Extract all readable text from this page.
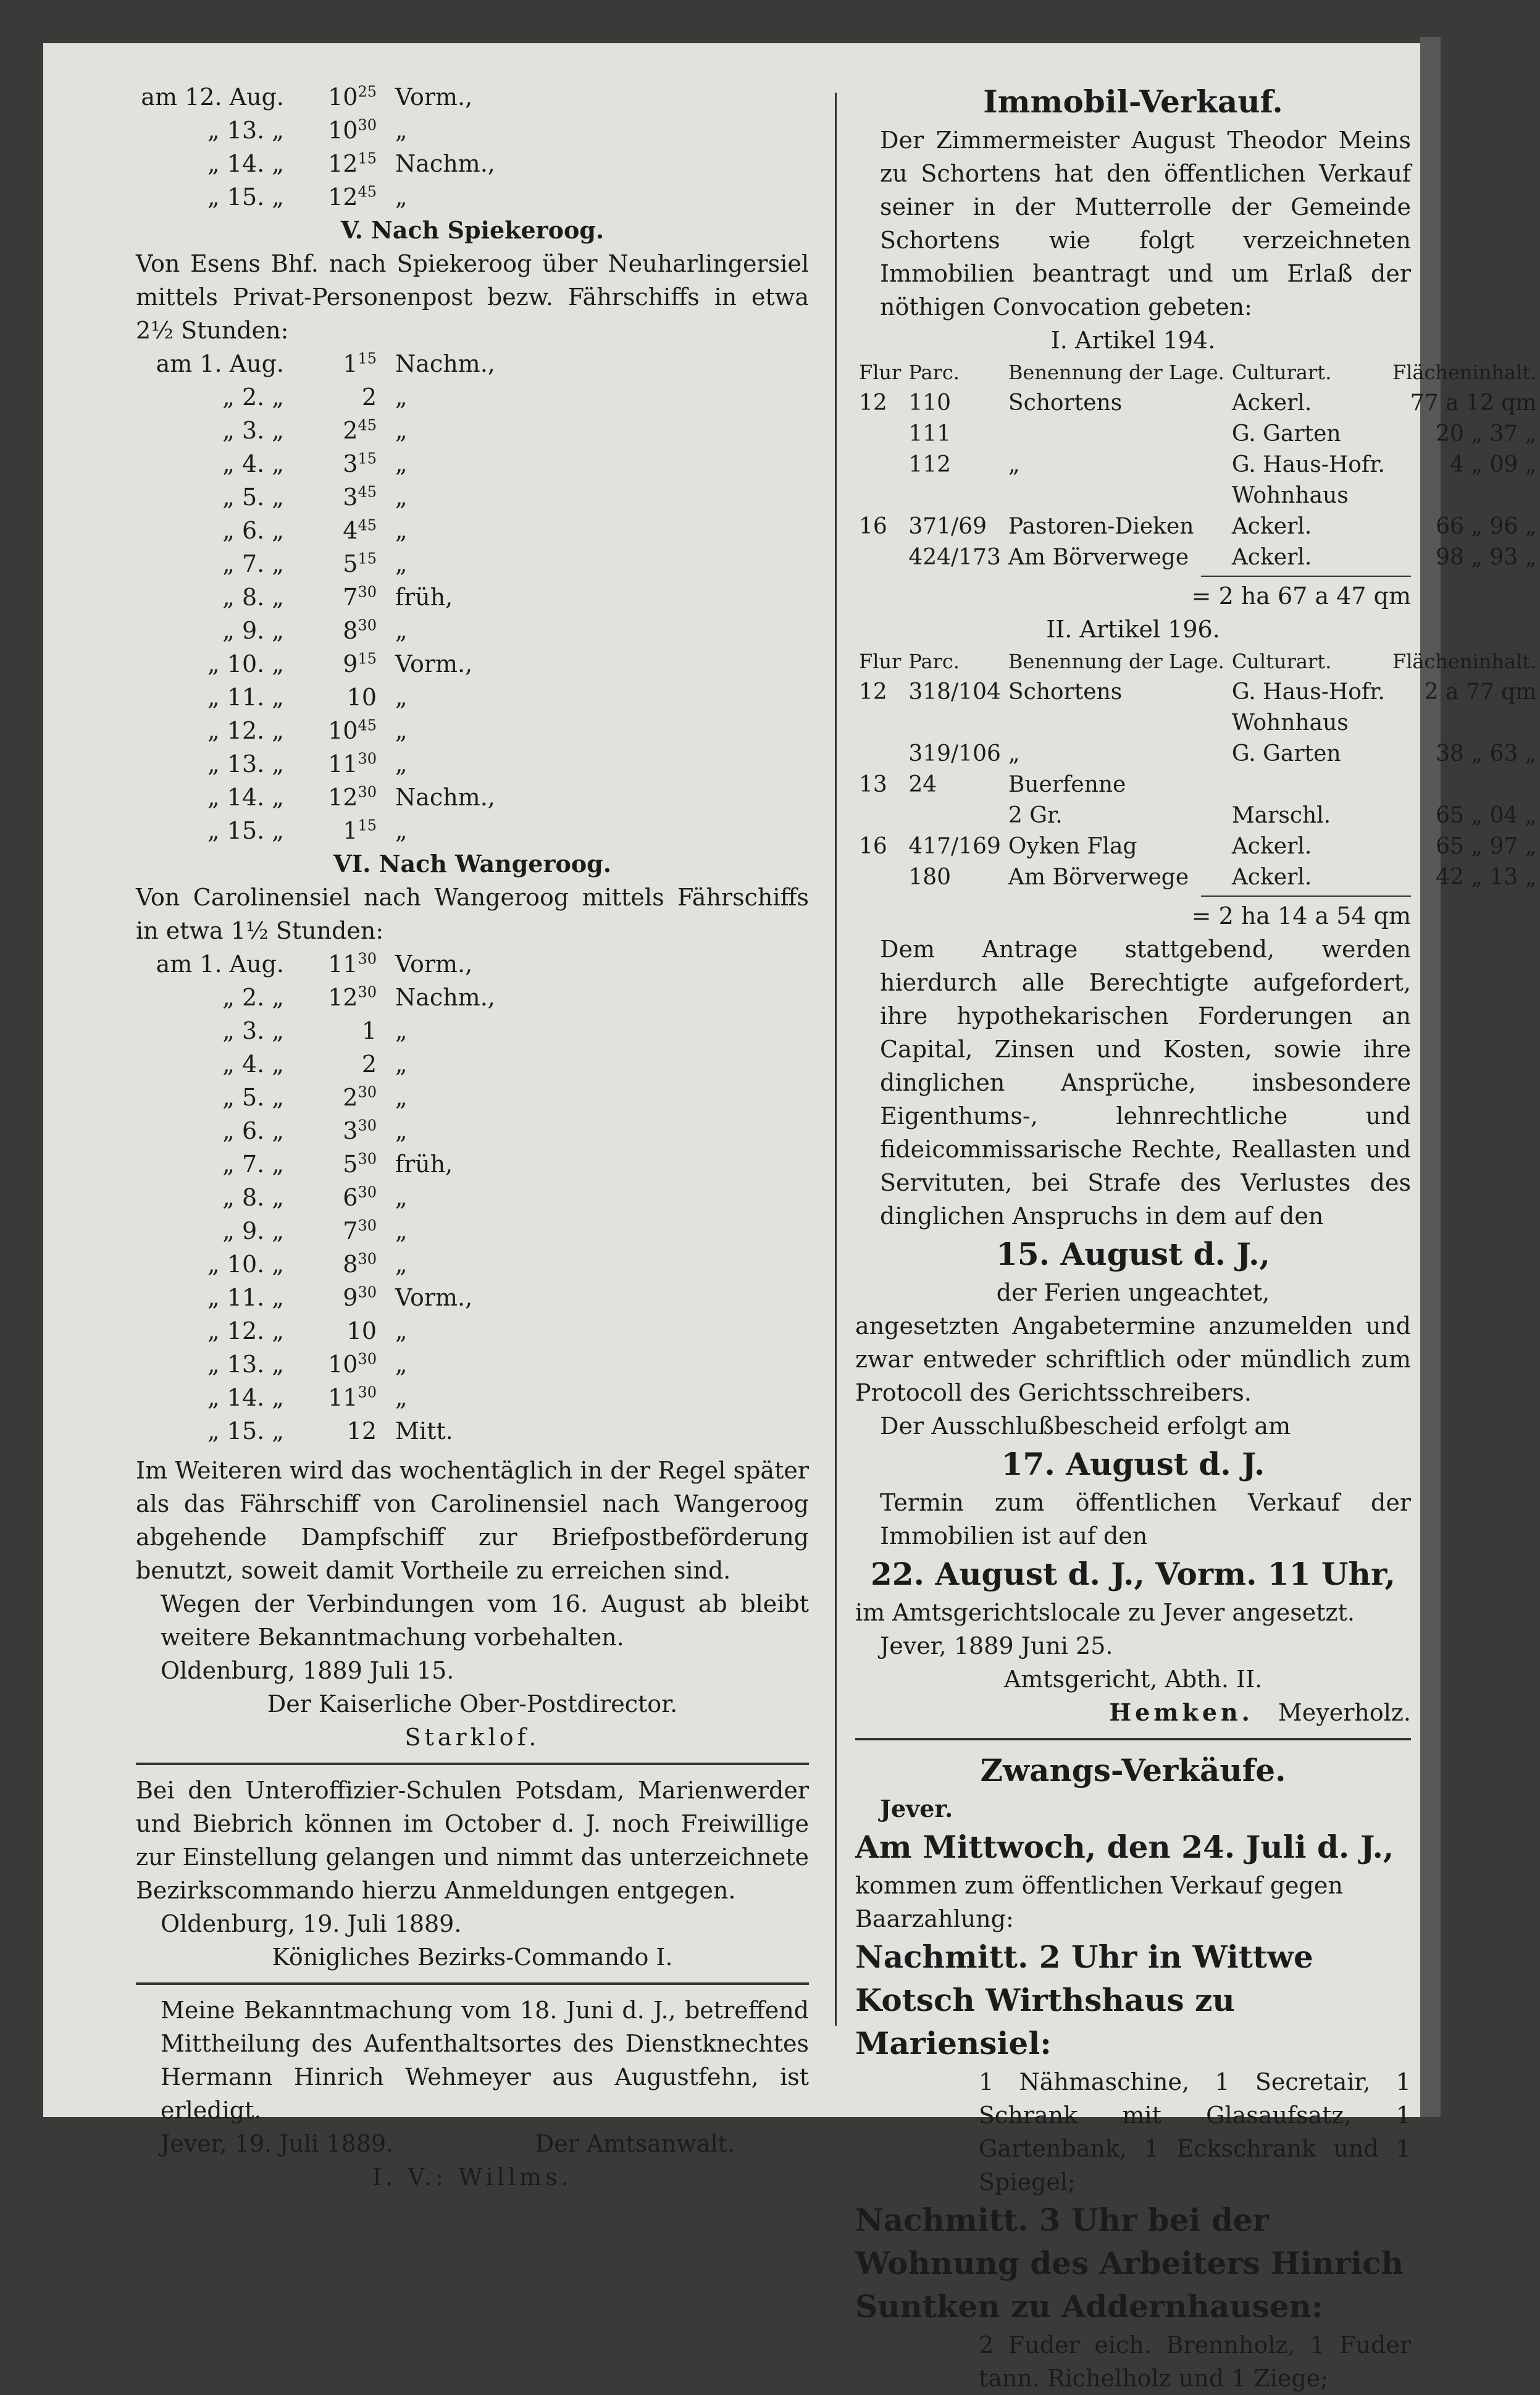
am 12. Aug.	$10^{25}$ Vorm.,
„ 13. „	$10^{30}$ „
„ 14. „	$12^{15}$ Nachm.,
„ 15. „	$12^{45}$ „
V. Nach Spiekeroog.
Von Esens Bhf. nach Spiekeroog über Neuharlingersiel mittels Privat-Personenpost bezw. Fährschiffs in etwa 2½ Stunden:
am 1. Aug.	$1^{15}$ Nachm.,
„ 2. „	2 „
„ 3. „	$2^{45}$ „
„ 4. „	$3^{15}$ „
„ 5. „	$3^{45}$ „
„ 6. „	$4^{45}$ „
„ 7. „	$5^{15}$ „
„ 8. „	$7^{30}$ früh,
„ 9. „	$8^{30}$ „
„ 10. „	$9^{15}$ Vorm.,
„ 11. „	10 „
„ 12. „	$10^{45}$ „
„ 13. „	$11^{30}$ „
„ 14. „	$12^{30}$ Nachm.,
„ 15. „	$1^{15}$ „
VI. Nach Wangeroog.
Von Carolinensiel nach Wangeroog mittels Fährschiffs in etwa 1½ Stunden:
am 1. Aug.	$11^{30}$ Vorm.,
„ 2. „	$12^{30}$ Nachm.,
„ 3. „	1 „
„ 4. „	2 „
„ 5. „	$2^{30}$ „
„ 6. „	$3^{30}$ „
„ 7. „	$5^{30}$ früh,
„ 8. „	$6^{30}$ „
„ 9. „	$7^{30}$ „
„ 10. „	$8^{30}$ „
„ 11. „	$9^{30}$ Vorm.,
„ 12. „	10 „
„ 13. „	$10^{30}$ „
„ 14. „	$11^{30}$ „
„ 15. „	12 Mitt.
Im Weiteren wird das wochentäglich in der Regel später als das Fährschiff von Carolinensiel nach Wangeroog abgehende Dampfschiff zur Briefpostbeförderung benutzt, soweit damit Vortheile zu erreichen sind.
Wegen der Verbindungen vom 16. August ab bleibt weitere Bekanntmachung vorbehalten.
Oldenburg, 1889 Juli 15.
Der Kaiserliche Ober-Postdirector.
Starklof.
Bei den Unteroffizier-Schulen Potsdam, Marienwerder und Biebrich können im October d. J. noch Freiwillige zur Einstellung gelangen und nimmt das unterzeichnete Bezirkscommando hierzu Anmeldungen entgegen.
Oldenburg, 19. Juli 1889.
Königliches Bezirks-Commando I.
Meine Bekanntmachung vom 18. Juni d. J., betreffend Mittheilung des Aufenthaltsortes des Dienstknechtes Hermann Hinrich Wehmeyer aus Augustfehn, ist erledigt.
Jever, 19. Juli 1889.	Der Amtsanwalt.
I. V.: Willms.
Immobil-Verkauf.
Der Zimmermeister August Theodor Meins zu Schortens hat den öffentlichen Verkauf seiner in der Mutterrolle der Gemeinde Schortens wie folgt verzeichneten Immobilien beantragt und um Erlaß der nöthigen Convocation gebeten:
I. Artikel 194.
Flur	Parc.	Benennung der Lage.	Culturart.	Flächeninhalt.
12	110	Schortens	Ackerl.	77 a 12 qm
	111		G. Garten	20 „ 37 „
	112	„	G. Haus-Hofr.	4 „ 09 „
			Wohnhaus	
16	371/69	Pastoren-Dieken	Ackerl.	66 „ 96 „
	424/173	Am Börverwege	Ackerl.	98 „ 93 „
= 2 ha 67 a 47 qm
II. Artikel 196.
Flur	Parc.	Benennung der Lage.	Culturart.	Flächeninhalt.
12	318/104	Schortens	G. Haus-Hofr.	2 a 77 qm
			Wohnhaus	
	319/106	„	G. Garten	38 „ 63 „
13	24	Buerfenne		
		2 Gr.	Marschl.	65 „ 04 „
16	417/169	Oyken Flag	Ackerl.	65 „ 97 „
	180	Am Börverwege	Ackerl.	42 „ 13 „
= 2 ha 14 a 54 qm
Dem Antrage stattgebend, werden hierdurch alle Berechtigte aufgefordert, ihre hypothekarischen Forderungen an Capital, Zinsen und Kosten, sowie ihre dinglichen Ansprüche, insbesondere Eigenthums-, lehnrechtliche und fideicommissarische Rechte, Reallasten und Servituten, bei Strafe des Verlustes des dinglichen Anspruchs in dem auf den
15. August d. J.,
der Ferien ungeachtet,
angesetzten Angabetermine anzumelden und zwar entweder schriftlich oder mündlich zum Protocoll des Gerichtsschreibers.
Der Ausschlußbescheid erfolgt am
17. August d. J.
Termin zum öffentlichen Verkauf der Immobilien ist auf den
22. August d. J., Vorm. 11 Uhr,
im Amtsgerichtslocale zu Jever angesetzt.
Jever, 1889 Juni 25.
Amtsgericht, Abth. II.
Hemken. Meyerholz.
Zwangs-Verkäufe.
Jever.
Am Mittwoch, den 24. Juli d. J.,
kommen zum öffentlichen Verkauf gegen Baarzahlung:
Nachmitt. 2 Uhr in Wittwe Kotsch Wirthshaus zu Mariensiel:
1 Nähmaschine, 1 Secretair, 1 Schrank mit Glasaufsatz, 1 Gartenbank, 1 Eckschrank und 1 Spiegel;
Nachmitt. 3 Uhr bei der Wohnung des Arbeiters Hinrich Suntken zu Addernhausen:
2 Fuder eich. Brennholz, 1 Fuder tann. Richelholz und 1 Ziege;
